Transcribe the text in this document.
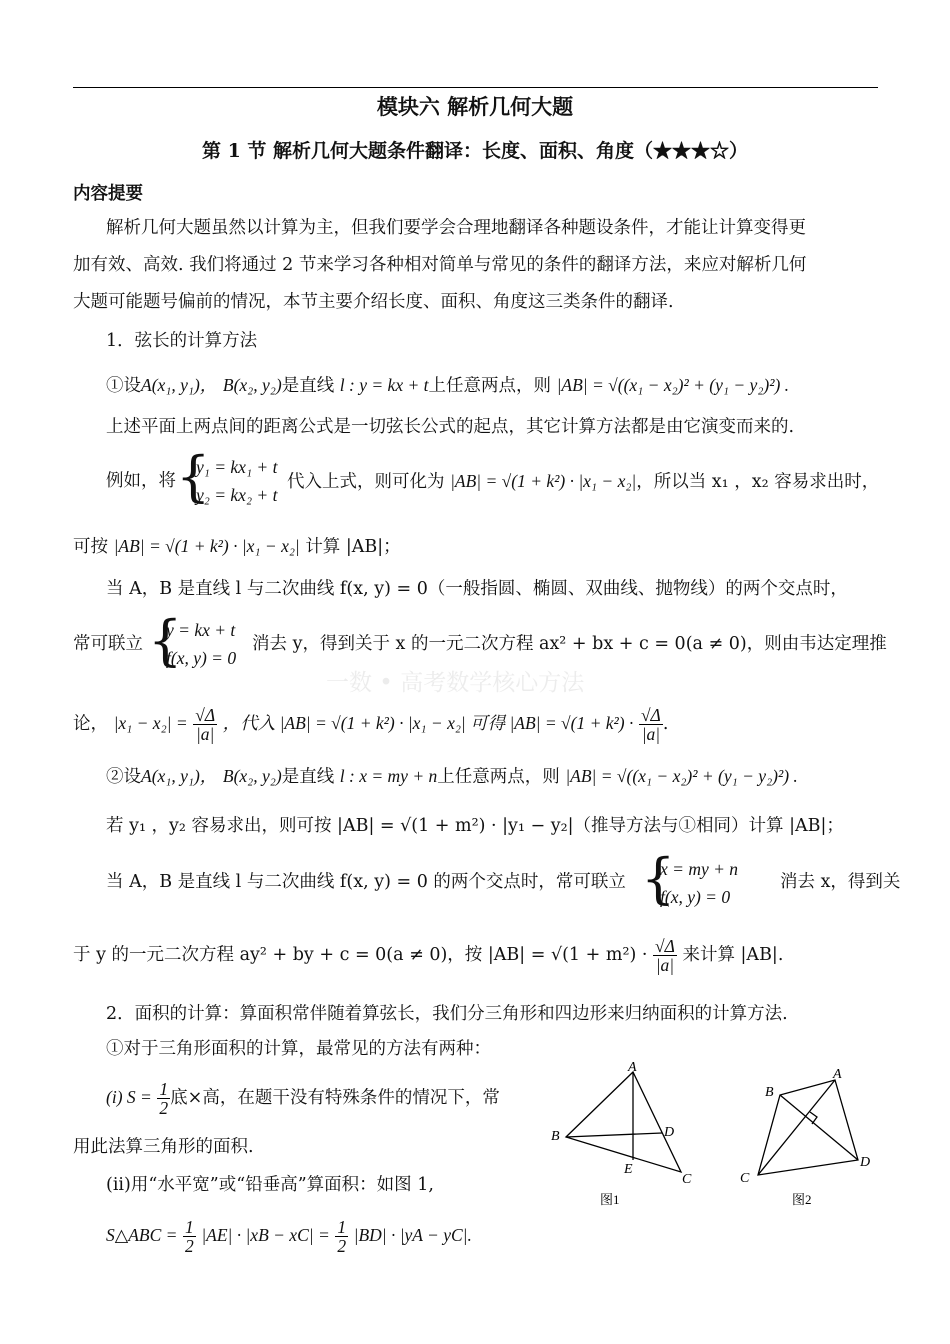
模块六 解析几何大题
第 1 节 解析几何大题条件翻译：长度、面积、角度（★★★☆）
内容提要
解析几何大题虽然以计算为主，但我们要学会合理地翻译各种题设条件，才能让计算变得更
加有效、高效. 我们将通过 2 节来学习各种相对简单与常见的条件的翻译方法，来应对解析几何
大题可能题号偏前的情况，本节主要介绍长度、面积、角度这三类条件的翻译.
一数 • 高考数学核心方法
1．弦长的计算方法
①设A(x₁, y₁)， B(x₂, y₂)是直线 l : y = kx + t上任意两点，则 |AB| = √((x₁ − x₂)² + (y₁ − y₂)²) .
上述平面上两点间的距离公式是一切弦长公式的起点，其它计算方法都是由它演变而来的.
例如，将 {
y₁ = kx₁ + t
y₂ = kx₂ + t
代入上式，则可化为 |AB| = √(1 + k²) · |x₁ − x₂|，所以当 x₁ ，x₂ 容易求出时，
可按 |AB| = √(1 + k²) · |x₁ − x₂| 计算 |AB|；
当 A，B 是直线 l 与二次曲线 f(x, y) = 0（一般指圆、椭圆、双曲线、抛物线）的两个交点时，
常可联立 {
y = kx + t
f(x, y) = 0
消去 y，得到关于 x 的一元二次方程 ax² + bx + c = 0(a ≠ 0)，则由韦达定理推
论， $|x_1 - x_2| = \frac{√\Delta}{|a|}$ ，代入 |AB| = √(1 + k²) · |x₁ − x₂| 可得 $|AB| = √(1 + k^2) \cdot \frac{√\Delta}{|a|}$ .
②设A(x₁, y₁)， B(x₂, y₂)是直线 l : x = my + n上任意两点，则 |AB| = √((x₁ − x₂)² + (y₁ − y₂)²) .
若 y₁ ，y₂ 容易求出，则可按 |AB| = √(1 + m²) · |y₁ − y₂|（推导方法与①相同）计算 |AB|；
当 A，B 是直线 l 与二次曲线 f(x, y) = 0 的两个交点时，常可联立 {
x = my + n
f(x, y) = 0
消去 x，得到关
于 y 的一元二次方程 ay² + by + c = 0(a ≠ 0)，按 $|AB| = √(1 + m^2) \cdot \frac{√\Delta}{|a|}$ 来计算 |AB|.
2．面积的计算：算面积常伴随着算弦长，我们分三角形和四边形来归纳面积的计算方法.
①对于三角形面积的计算，最常见的方法有两种：
(i) $S = \frac{1}{2}$ 底×高，在题干没有特殊条件的情况下，常
用此法算三角形的面积.
(ii)用“水平宽”或“铅垂高”算面积：如图 1,
S△ABC = $\frac{1}{2} |AE| \cdot |xB - xC| = \frac{1}{2} |BD| \cdot |yA - yC|$.
A
B
C
D
E
图1
A
B
C
D
图2
